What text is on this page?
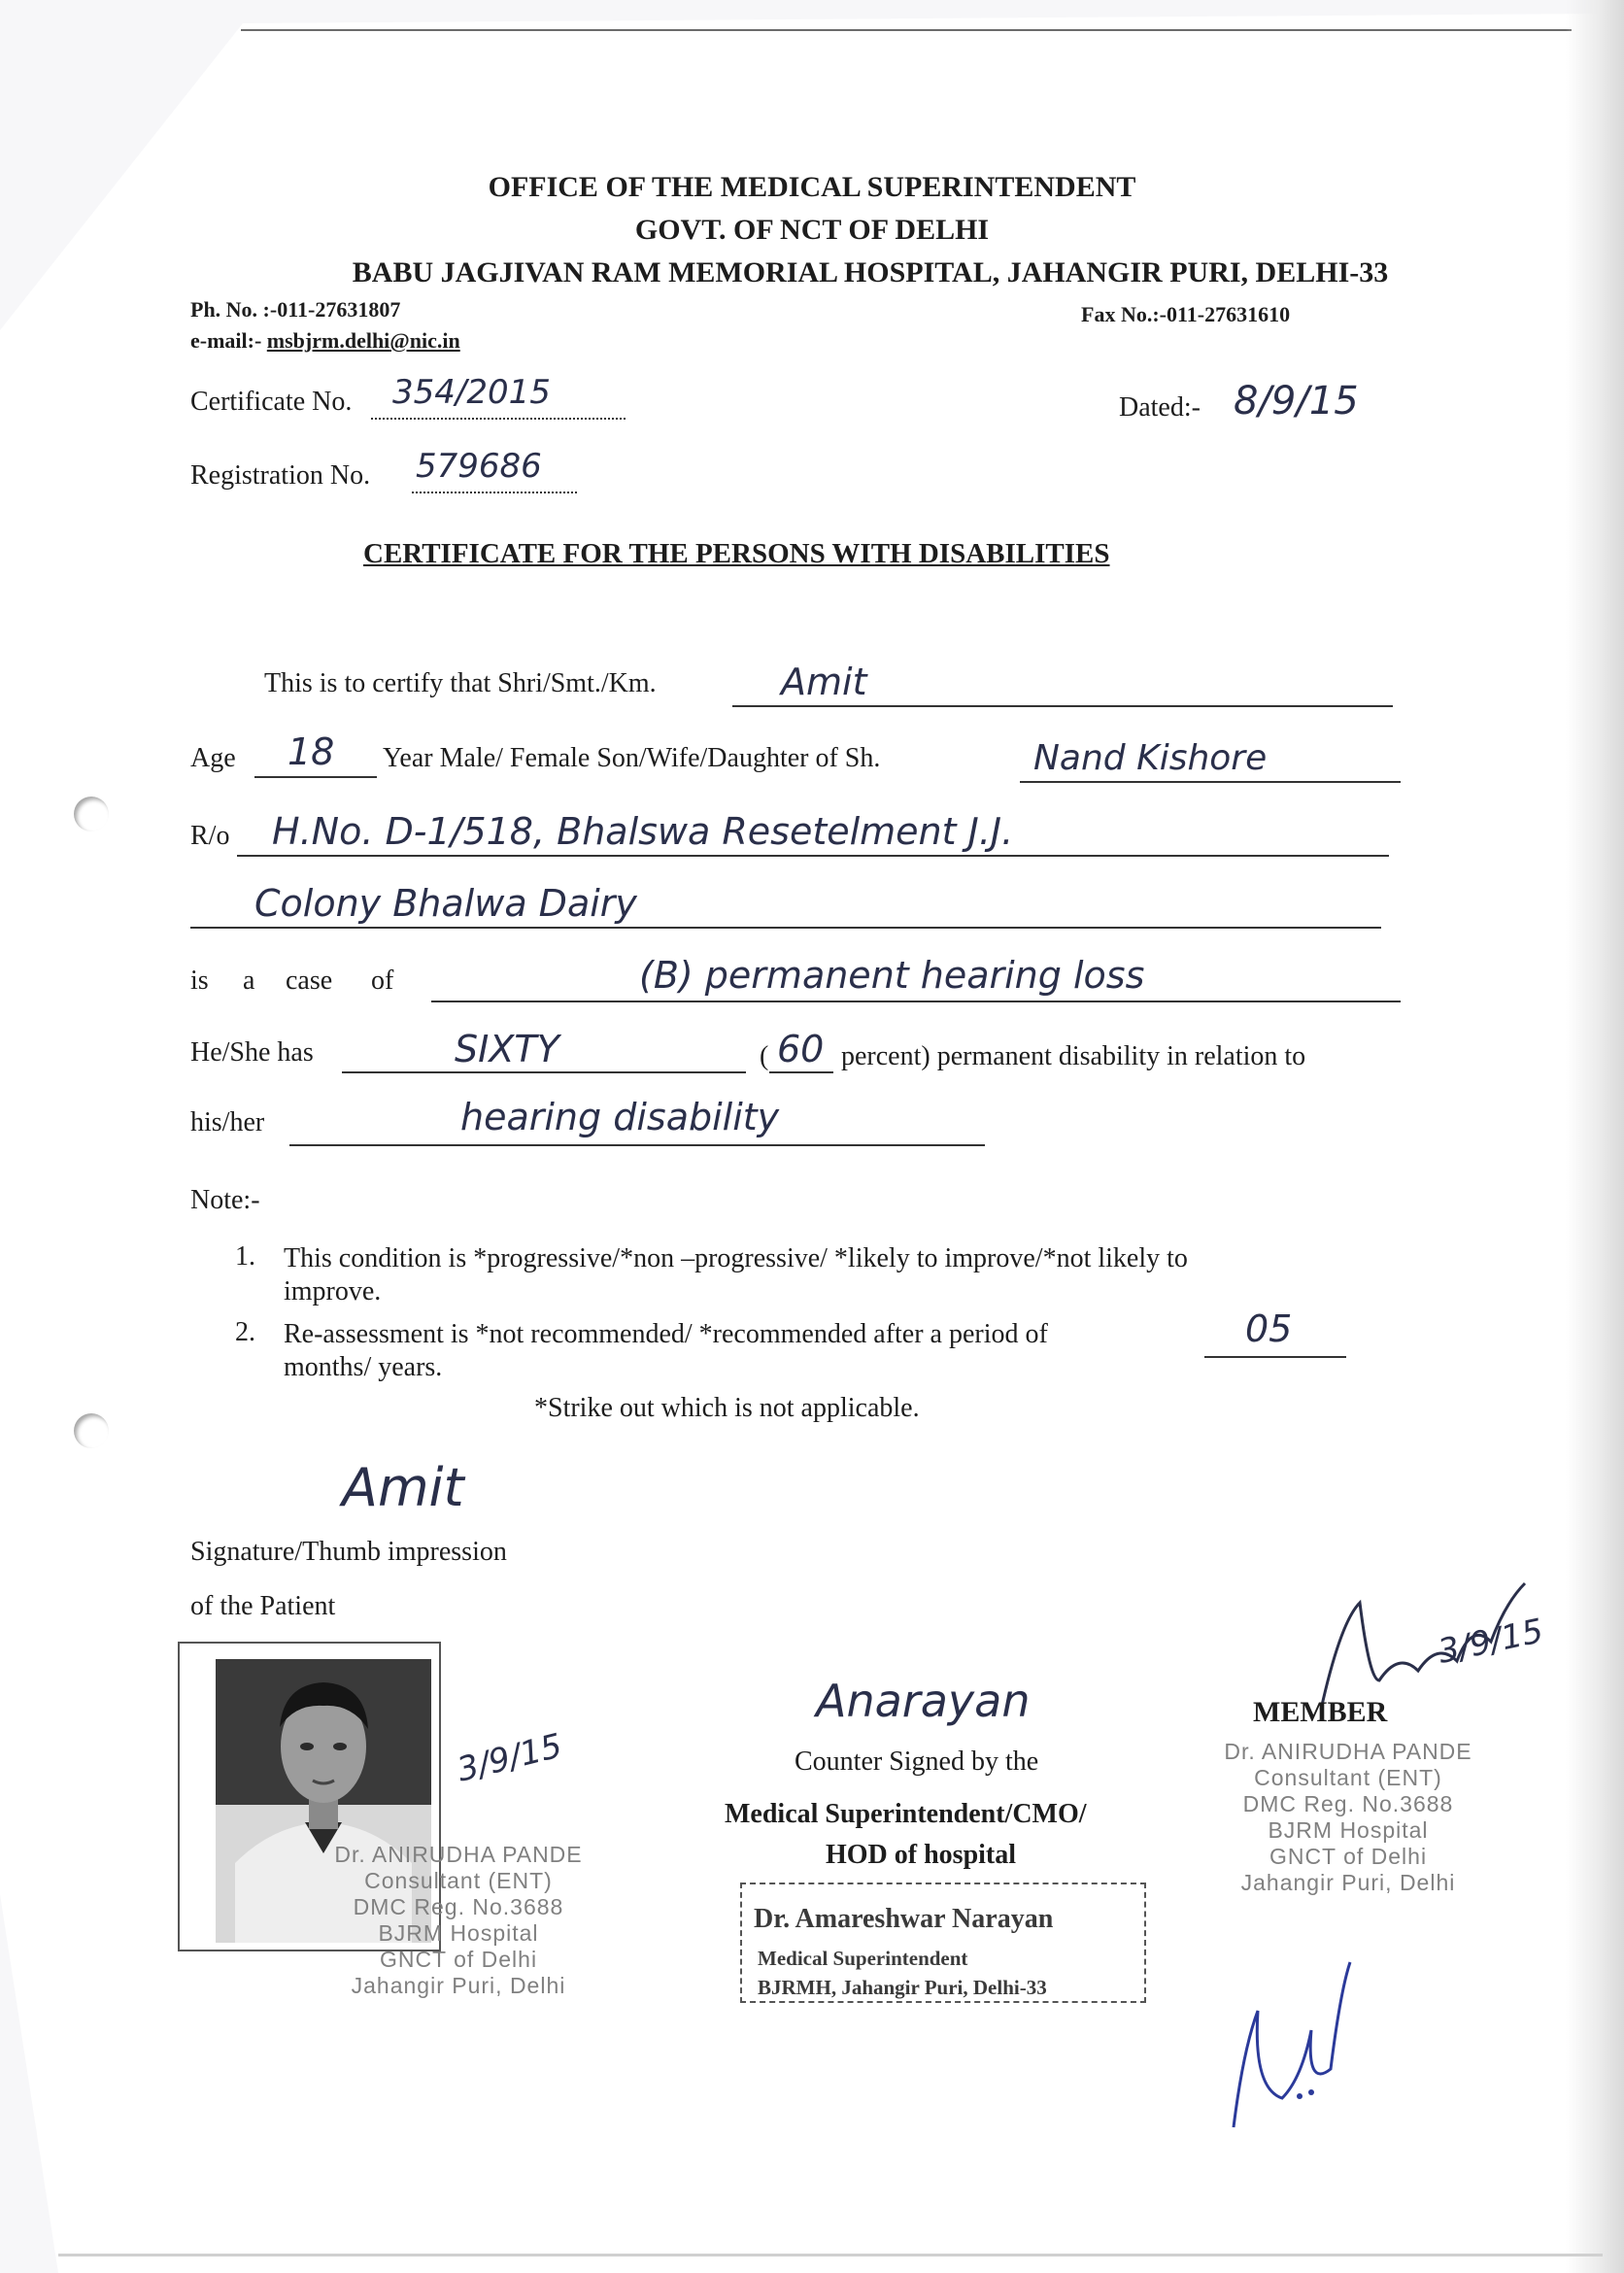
OFFICE OF THE MEDICAL SUPERINTENDENT
GOVT. OF NCT OF DELHI
BABU JAGJIVAN RAM MEMORIAL HOSPITAL, JAHANGIR PURI, DELHI-33
Ph. No. :-011-27631807	Fax No.:-011-27631610
e-mail:- msbjrm.delhi@nic.in
Certificate No. 354/2015	Dated:- 8/9/15
Registration No. 579686
CERTIFICATE FOR THE PERSONS WITH DISABILITIES
This is to certify that Shri/Smt./Km.	Amit
Age 18 Year Male/ Female Son/Wife/Daughter of Sh.	Nand Kishore
R/o H.No. D-1/518, Bhalswa Resetelment J.J.
Colony Bhalwa Dairy
is a case of	(B) permanent hearing loss
He/She has	SIXTY	( 60 percent) permanent disability in relation to
his/her	hearing disability
Note:-
1. This condition is *progressive/*non –progressive/ *likely to improve/*not likely to
improve.
2. Re-assessment is *not recommended/ *recommended after a period of	05
months/ years.
*Strike out which is not applicable.
Amit
Signature/Thumb impression
of the Patient
3/9/15
Dr. ANIRUDHA PANDE
Consultant (ENT)
DMC Reg. No.3688
BJRM Hospital
GNCT of Delhi
Jahangir Puri, Delhi
Anarayan
Counter Signed by the
Medical Superintendent/CMO/
HOD of hospital
Dr. Amareshwar Narayan
Medical Superintendent
BJRMH, Jahangir Puri, Delhi-33
3/9/15
MEMBER
Dr. ANIRUDHA PANDE
Consultant (ENT)
DMC Reg. No.3688
BJRM Hospital
GNCT of Delhi
Jahangir Puri, Delhi
